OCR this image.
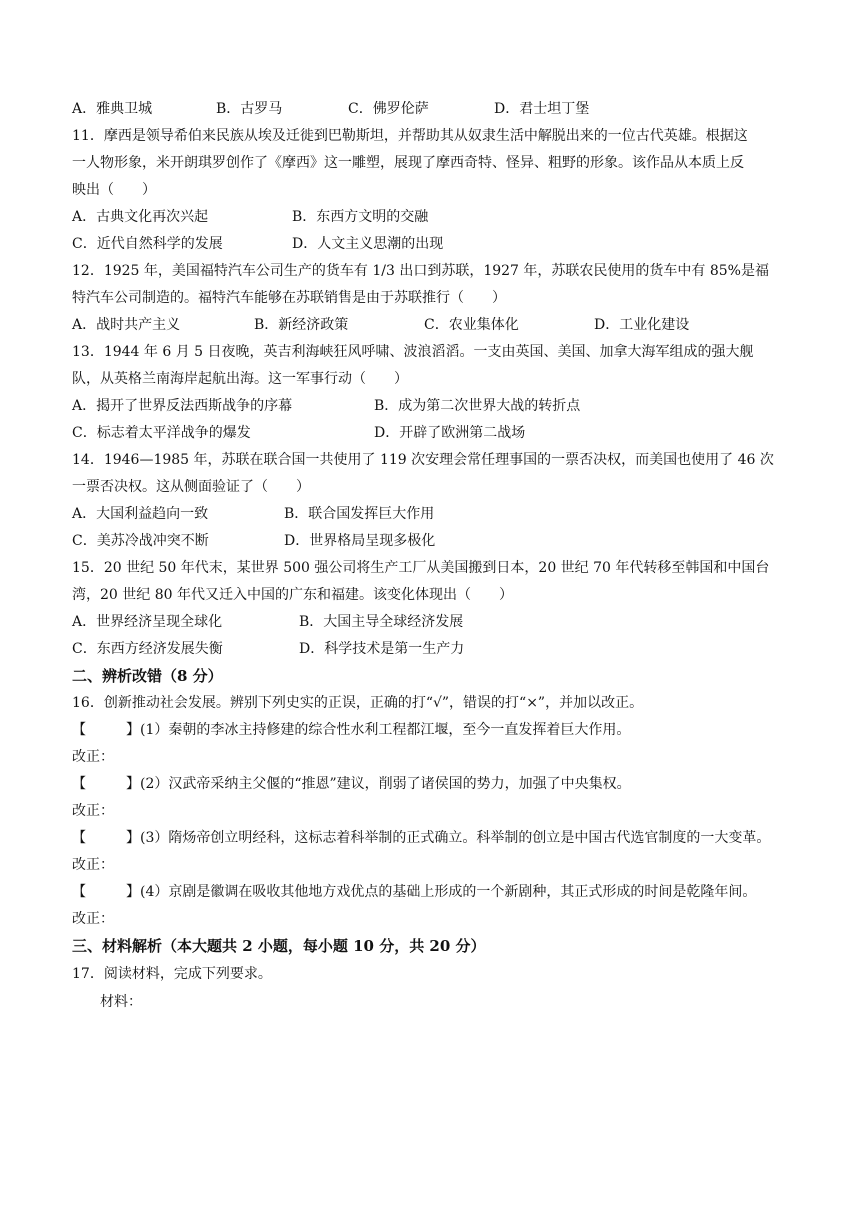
A．雅典卫城	B．古罗马	C．佛罗伦萨	D．君士坦丁堡
11．摩西是领导希伯来民族从埃及迁徙到巴勒斯坦，并帮助其从奴隶生活中解脱出来的一位古代英雄。根据这
一人物形象，米开朗琪罗创作了《摩西》这一雕塑，展现了摩西奇特、怪异、粗野的形象。该作品从本质上反
映出（　　）
A．古典文化再次兴起	B．东西方文明的交融
C．近代自然科学的发展	D．人文主义思潮的出现
12．1925 年，美国福特汽车公司生产的货车有 1/3 出口到苏联，1927 年，苏联农民使用的货车中有 85%是福
特汽车公司制造的。福特汽车能够在苏联销售是由于苏联推行（　　）
A．战时共产主义	B．新经济政策	C．农业集体化	D．工业化建设
13．1944 年 6 月 5 日夜晚，英吉利海峡狂风呼啸、波浪滔滔。一支由英国、美国、加拿大海军组成的强大舰
队，从英格兰南海岸起航出海。这一军事行动（　　）
A．揭开了世界反法西斯战争的序幕	B．成为第二次世界大战的转折点
C．标志着太平洋战争的爆发	D．开辟了欧洲第二战场
14．1946—1985 年，苏联在联合国一共使用了 119 次安理会常任理事国的一票否决权，而美国也使用了 46 次
一票否决权。这从侧面验证了（　　）
A．大国利益趋向一致	B．联合国发挥巨大作用
C．美苏冷战冲突不断	D．世界格局呈现多极化
15．20 世纪 50 年代末，某世界 500 强公司将生产工厂从美国搬到日本，20 世纪 70 年代转移至韩国和中国台
湾，20 世纪 80 年代又迁入中国的广东和福建。该变化体现出（　　）
A．世界经济呈现全球化	B．大国主导全球经济发展
C．东西方经济发展失衡	D．科学技术是第一生产力
二、辨析改错（8 分）
16．创新推动社会发展。辨别下列史实的正误，正确的打“√”，错误的打“×”，并加以改正。
【	】(1）秦朝的李冰主持修建的综合性水利工程都江堰，至今一直发挥着巨大作用。
改正：
【	】(2）汉武帝采纳主父偃的“推恩”建议，削弱了诸侯国的势力，加强了中央集权。
改正：
【	】(3）隋炀帝创立明经科，这标志着科举制的正式确立。科举制的创立是中国古代选官制度的一大变革。
改正：
【	】(4）京剧是徽调在吸收其他地方戏优点的基础上形成的一个新剧种，其正式形成的时间是乾隆年间。
改正：
三、材料解析（本大题共 2 小题，每小题 10 分，共 20 分）
17．阅读材料，完成下列要求。
材料：
